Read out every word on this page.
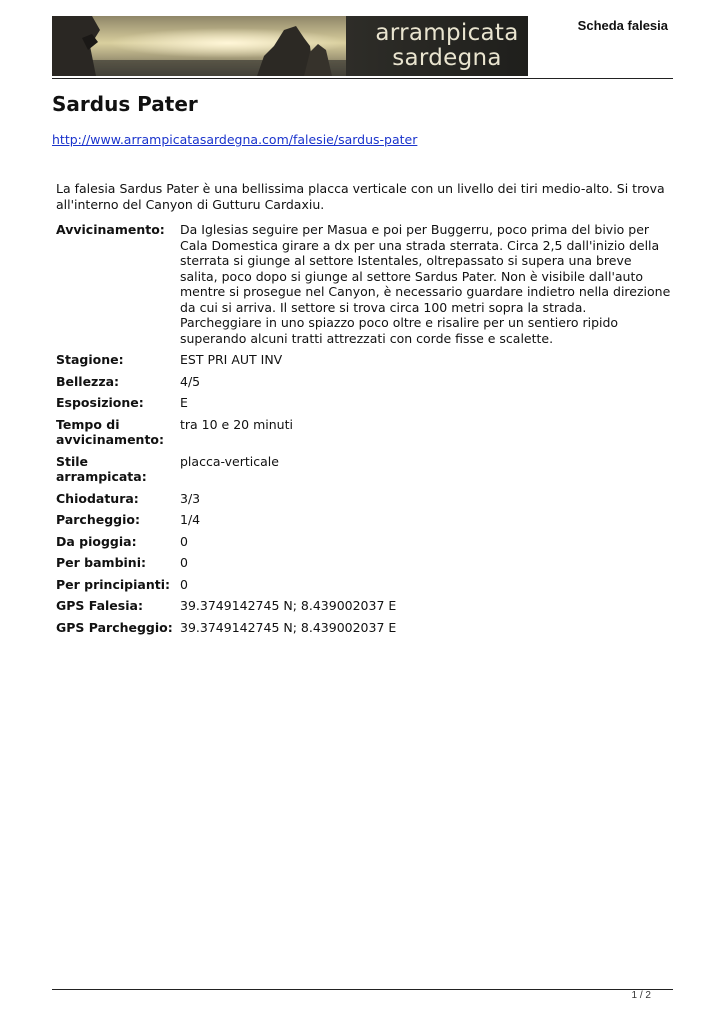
arrampicata sardegna
Scheda falesia
Sardus Pater
http://www.arrampicatasardegna.com/falesie/sardus-pater

La falesia Sardus Pater è una bellissima placca verticale con un livello dei tiri medio-alto. Si trova all'interno del Canyon di Gutturu Cardaxiu.

Avvicinamento:	Da Iglesias seguire per Masua e poi per Buggerru, poco prima del bivio per Cala Domestica girare a dx per una strada sterrata. Circa 2,5 dall'inizio della sterrata si giunge al settore Istentales, oltrepassato si supera una breve salita, poco dopo si giunge al settore Sardus Pater. Non è visibile dall'auto mentre si prosegue nel Canyon, è necessario guardare indietro nella direzione da cui si arriva. Il settore si trova circa 100 metri sopra la strada. Parcheggiare in uno spiazzo poco oltre e risalire per un sentiero ripido superando alcuni tratti attrezzati con corde fisse e scalette.
Stagione:	EST PRI AUT INV
Bellezza:	4/5
Esposizione:	E
Tempo di avvicinamento:	tra 10 e 20 minuti
Stile arrampicata:	placca-verticale
Chiodatura:	3/3
Parcheggio:	1/4
Da pioggia:	0
Per bambini:	0
Per principianti:	0
GPS Falesia:	39.3749142745 N; 8.439002037 E
GPS Parcheggio:	39.3749142745 N; 8.439002037 E
1 / 2
